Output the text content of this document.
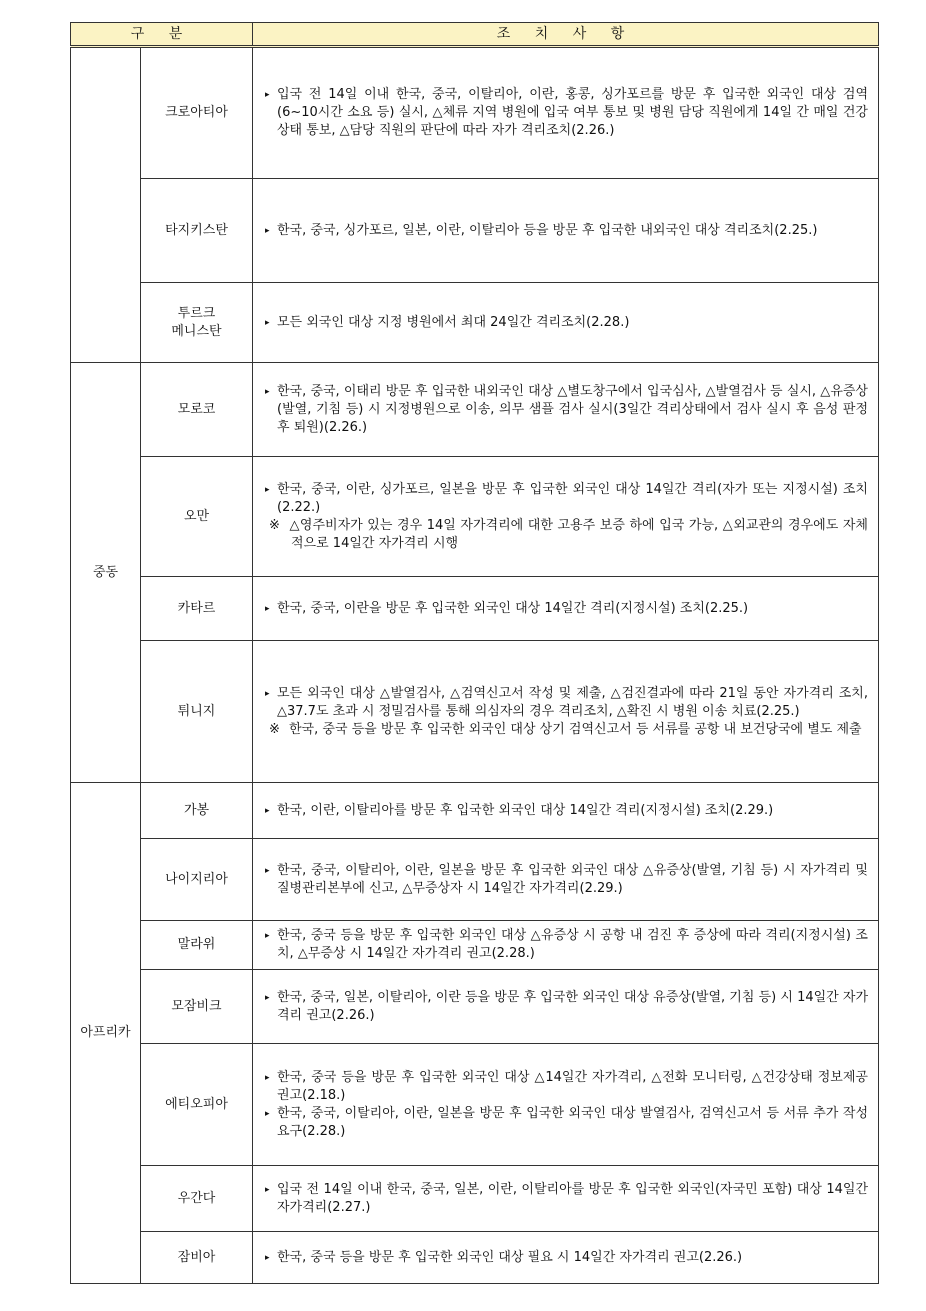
구 분		조 치 사 항
	크로아티아	▸ 입국 전 14일 이내 한국, 중국, 이탈리아, 이란, 홍콩, 싱가포르를 방문 후 입국한 외국인 대상 검역(6~10시간 소요 등) 실시, △체류 지역 병원에 입국 여부 통보 및 병원 담당 직원에게 14일 간 매일 건강상태 통보, △담당 직원의 판단에 따라 자가 격리조치(2.26.)

	타지키스탄	▸ 한국, 중국, 싱가포르, 일본, 이란, 이탈리아 등을 방문 후 입국한 내외국인 대상 격리조치(2.25.)

	투르크
메니스탄	▸ 모든 외국인 대상 지정 병원에서 최대 24일간 격리조치(2.28.)

중동	모로코	▸ 한국, 중국, 이태리 방문 후 입국한 내외국인 대상 △별도창구에서 입국심사, △발열검사 등 실시, △유증상(발열, 기침 등) 시 지정병원으로 이송, 의무 샘플 검사 실시(3일간 격리상태에서 검사 실시 후 음성 판정 후 퇴원)(2.26.)

	오만	▸ 한국, 중국, 이란, 싱가포르, 일본을 방문 후 입국한 외국인 대상 14일간 격리(자가 또는 지정시설) 조치(2.22.)
※ △영주비자가 있는 경우 14일 자가격리에 대한 고용주 보증 하에 입국 가능, △외교관의 경우에도 자체적으로 14일간 자가격리 시행

	카타르	▸ 한국, 중국, 이란을 방문 후 입국한 외국인 대상 14일간 격리(지정시설) 조치(2.25.)

	튀니지	▸ 모든 외국인 대상 △발열검사, △검역신고서 작성 및 제출, △검진결과에 따라 21일 동안 자가격리 조치, △37.7도 초과 시 정밀검사를 통해 의심자의 경우 격리조치, △확진 시 병원 이송 치료(2.25.)
※ 한국, 중국 등을 방문 후 입국한 외국인 대상 상기 검역신고서 등 서류를 공항 내 보건당국에 별도 제출

아프리카	가봉	▸ 한국, 이란, 이탈리아를 방문 후 입국한 외국인 대상 14일간 격리(지정시설) 조치(2.29.)

	나이지리아	▸ 한국, 중국, 이탈리아, 이란, 일본을 방문 후 입국한 외국인 대상 △유증상(발열, 기침 등) 시 자가격리 및 질병관리본부에 신고, △무증상자 시 14일간 자가격리(2.29.)

	말라위	▸ 한국, 중국 등을 방문 후 입국한 외국인 대상 △유증상 시 공항 내 검진 후 증상에 따라 격리(지정시설) 조치, △무증상 시 14일간 자가격리 권고(2.28.)

	모잠비크	▸ 한국, 중국, 일본, 이탈리아, 이란 등을 방문 후 입국한 외국인 대상 유증상(발열, 기침 등) 시 14일간 자가격리 권고(2.26.)

	에티오피아	▸ 한국, 중국 등을 방문 후 입국한 외국인 대상 △14일간 자가격리, △전화 모니터링, △건강상태 정보제공 권고(2.18.)
▸ 한국, 중국, 이탈리아, 이란, 일본을 방문 후 입국한 외국인 대상 발열검사, 검역신고서 등 서류 추가 작성 요구(2.28.)

	우간다	▸ 입국 전 14일 이내 한국, 중국, 일본, 이란, 이탈리아를 방문 후 입국한 외국인(자국민 포함) 대상 14일간 자가격리(2.27.)

	잠비아	▸ 한국, 중국 등을 방문 후 입국한 외국인 대상 필요 시 14일간 자가격리 권고(2.26.)
